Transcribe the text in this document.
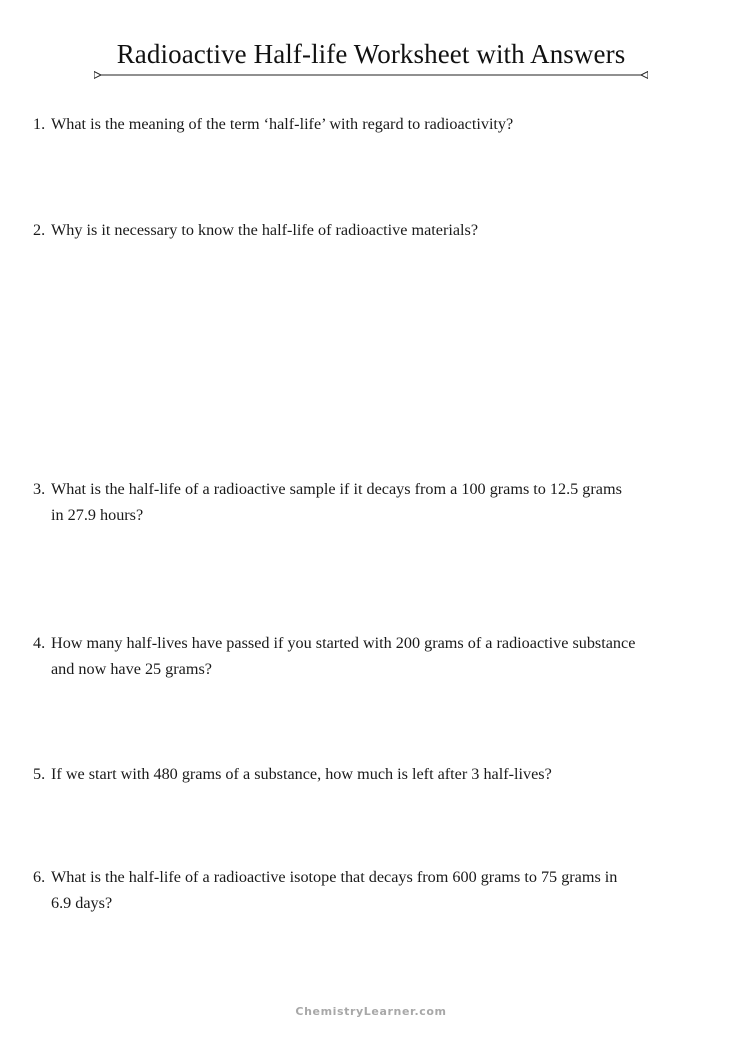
Radioactive Half-life Worksheet with Answers
1. What is the meaning of the term ‘half-life’ with regard to radioactivity?
2. Why is it necessary to know the half-life of radioactive materials?
3. What is the half-life of a radioactive sample if it decays from a 100 grams to 12.5 grams
in 27.9 hours?
4. How many half-lives have passed if you started with 200 grams of a radioactive substance
and now have 25 grams?
5. If we start with 480 grams of a substance, how much is left after 3 half-lives?
6. What is the half-life of a radioactive isotope that decays from 600 grams to 75 grams in
6.9 days?
ChemistryLearner.com
